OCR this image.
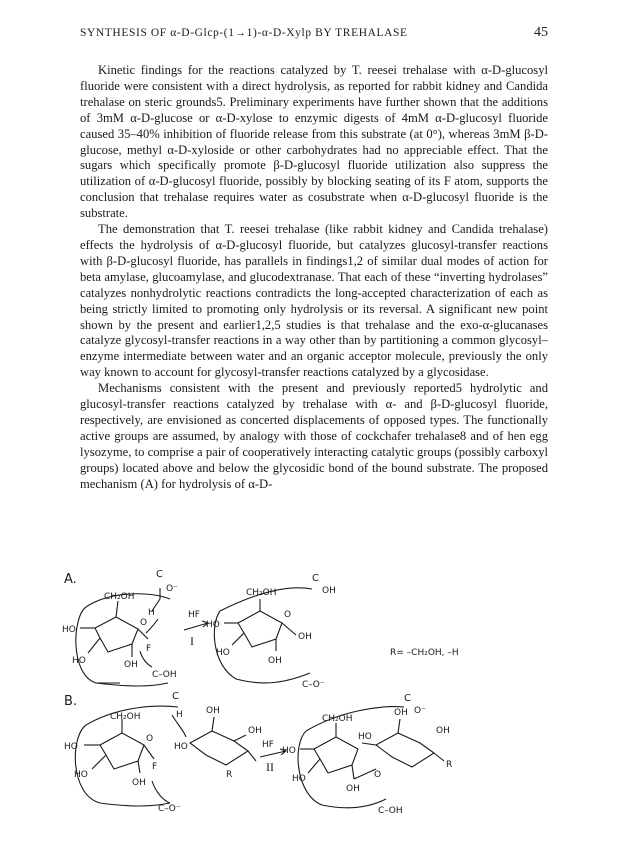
SYNTHESIS OF α-D-Glcp-(1→1)-α-D-Xylp BY TREHALASE	45

Kinetic findings for the reactions catalyzed by T. reesei trehalase with α-D-glucosyl fluoride were consistent with a direct hydrolysis, as reported for rabbit kidney and Candida trehalase on steric grounds5. Preliminary experiments have further shown that the additions of 3mM α-D-glucose or α-D-xylose to enzymic digests of 4mM α-D-glucosyl fluoride caused 35–40% inhibition of fluoride release from this substrate (at 0°), whereas 3mM β-D-glucose, methyl α-D-xyloside or other carbohydrates had no appreciable effect. That the sugars which specifically promote β-D-glucosyl fluoride utilization also suppress the utilization of α-D-glucosyl fluoride, possibly by blocking seating of its F atom, supports the conclusion that trehalase requires water as cosubstrate when α-D-glucosyl fluoride is the substrate.

The demonstration that T. reesei trehalase (like rabbit kidney and Candida trehalase) effects the hydrolysis of α-D-glucosyl fluoride, but catalyzes glucosyl-transfer reactions with β-D-glucosyl fluoride, has parallels in findings1,2 of similar dual modes of action for beta amylase, glucoamylase, and glucodextranase. That each of these “inverting hydrolases” catalyzes nonhydrolytic reactions contradicts the long-accepted characterization of each as being strictly limited to promoting only hydrolysis or its reversal. A significant new point shown by the present and earlier1,2,5 studies is that trehalase and the exo-α-glucanases catalyze glycosyl-transfer reactions in a way other than by partitioning a common glycosyl–enzyme intermediate between water and an organic acceptor molecule, previously the only way known to account for glycosyl-transfer reactions catalyzed by a glycosidase.

Mechanisms consistent with the present and previously reported5 hydrolytic and glucosyl-transfer reactions catalyzed by trehalase with α- and β-D-glucosyl fluoride, respectively, are envisioned as concerted displacements of opposed types. The functionally active groups are assumed, by analogy with those of cockchafer trehalase8 and of hen egg lysozyme, to comprise a pair of cooperatively interacting catalytic groups (possibly carboxyl groups) located above and below the glycosidic bond of the bound substrate. The proposed mechanism (A) for hydrolysis of α-D-

A.
B.
C
O⁻
CH₂OH
HO
HO	OH
O
H
F
C–OH
HF
I
CH₂OH
HO
HO
OH
OH
O
C
OH
C–O⁻
R= –CH₂OH, –H
C
CH₂OH
HO
HO
OH
O
F
H
HO
OH
OH
R
C–O⁻
HF
II
CH₂OH
HO
HO
OH
HO
OH
OH
R
O
C
O⁻
C–OH
